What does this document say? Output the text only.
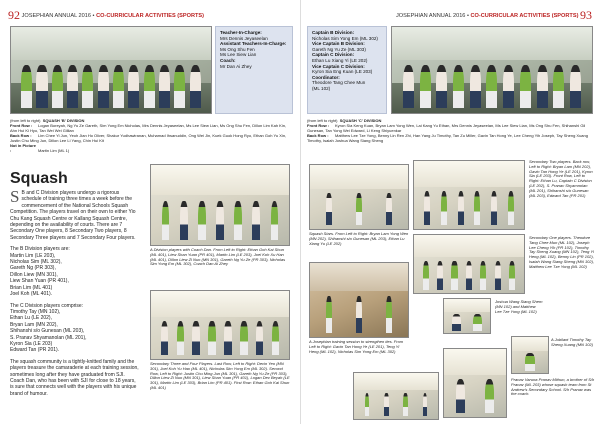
92 JOSEPHIAN ANNUAL 2016 • CO-CURRICULAR ACTIVITIES (SPORTS)
Teacher-In-Charge:
Mrs Dennis Jeyaseelan
Assistant Teachers-In-Charge:
Ms Ong Shu Fen
Ms Lee Siew Lian
Coach:
Mr Dan Ai Zhey
(from left to right) SQUASH 'B' DIVISION
Front Row : Logan Boreyah, Ng Yu Ze Gareth, Sim Yong Em Nicholas, Mrs Dennis Jeyaseelan, Ms Lee Siew Lian, Ms Ong Shu Fen, Dillon Lim Kah Kin, Ahn Hui Ki Hyo, Tan Wei Wei Gillian
Back Row : Lim Chee Yi Jun, Yeoh Jian Ho Oliver, Shakur Yudhawiranan, Muhamad Ihsanuddin, Ong Wei Jin, Kuek Guok Hong Ryo, Ethan Goh Yu Xin, Justin Chu Ming Jun, Dillon Lee Li Yang, Chin Hui Kit
Not in Picture :	Martin Lim (ML 1)
Squash

S B and C Division players undergo a rigorous schedule of training three times a week before the commencement of the National Schools Squash Competition. The players travel on their own to either Yio Chu Kang Squash Centre or Kallang Squash Centre, depending on the availability of courts. There are 7 Secondary One players, 8 Secondary Two players, 8 Secondary Three players and 7 Secondary Four players.

The B Division players are:
Martin Lim (LE 203),
Nicholas Sim (ML 302),
Gareth Ng (PR 303),
Dillon Liew (MN 301),
Liew Shan Yuan (PR 401),
Brian Lim (ML 401)
Joel Koh (ML 401).

The C Division players comprise:
Timothy Tay (MN 102),
Ethan Lu (LE 202),
Bryan Lam (MN 202),
Shihanshi s/o Gunesan (ML 203),
S. Pranav Shyamanolan (ML 201),
Kyron Sia (LE 203)
Edward Tan (PR 201).

The squash community is a tightly-knitted family and the players treasure the camaraderie at each training session, sometimes long after they have graduated from SJI. Coach Dan, who has been with SJI for close to 18 years, is sure that connects well with the players with his unique brand of humour.

A Division players with Coach Dan. From Left to Right: Ethan Goh Kai Shun (ML 401), Liew Shan Yuan (PR 401), Martin Lim (LE 203), Joel Koh Xu Han (ML 401), Dillon Liew Zi Nuo (MN 301), Gareth Ng Yu Ze (PR 303), Nicholas Sim Yong Em (ML 302), Coach Dan Ai Zhey
Secondary Three and Four Players. Last Row, Left to Right: Devin Yeo (MN 301), Joel Koh Yu Hao (ML 401), Nicholas Sim Yong Em (ML 302). Second Row, Left to Right: Justin Chu Ming Jun (ML 301), Gareth Ng Yu Ze (PR 303), Dillon Liew Zi Nuo (MN 301), Liew Shan Yuan (PR 401), Logan Dev Beyah (LE 301), Martin Lim (LE 303), Brian Lim (PR 401). First Row: Ethan Goh Kai Shun (ML 401)
JOSEPHIAN ANNUAL 2016 • CO-CURRICULAR ACTIVITIES (SPORTS) 93
Captain B Division:
Nicholas Sim Yong Em (ML 302)
Vice Captain B Division:
Gareth Ng Yu Ze (ML 303)
Captain C Division:
Ethan Lu Xiang Yi (LE 202)
Vice Captain C Division:
Kyron Sia Eng Kuan (LE 203)
Coordinator:
Theodore Tang Chee Mun
(ML 102)
(from left to right) SQUASH 'C' DIVISION
Front Row : Kyron Sia Keng Kuan, Bryan Lam Yong Wen, Lai Kang Yu Ethan, Mrs Dennis Jeyaseelan, Ms Lee Siew Lian, Ms Ong Shu Fen, Shihanshi Gil Gunesan, Tan Yong Wei Edward, Li Keng Shiyuenkar
Back Row : Matthew Lee Tze Yong, Benny Lin Ren Zhi, Han Yang Ju Timothy, Tan Zu Miller, Gavin Tan Hong Ye, Lee Cheng Yih Joseph, Tay Sheng Xuang Timothy, Isaiah Joshua Wang Siang Sheng
Squash Stars. From Left to Right: Bryan Lam Yong Wen (MN 202), Shihanshi s/o Gunesan (ML 203), Ethan Lu Xiang Yu (LE 202)
A Josephian training session to strengthen ties. From Left to Right: Gavin Tan Hong Ye (LE 201), Teng Yi Heng (ML 102), Nicholas Sim Yong Em (ML 302)
Secondary Two players. Back row, Left to Right: Bryan Lam (MN 202), Gavin Tan Hong Ye (LE 201), Kyron Sia (LE 203). Front Row, Left to Right: Ethan Lu, Captain C Division (LE 202), S. Pranav Shyamnolan (ML 201), Shihanshi s/o Gunesan (ML 203), Edward Tan (PR 201)
Secondary One players. Theodore Tang Chee Mun (ML 102), Joseph Lee Cheng Yih (PR 102), Timothy Tay Sheng Xuang (MN 102), Teng Yi Heng (ML 102), Benny Lin (PR 102), Isaiah Wang Siang Sheng (MN 102), Matthew Lee Tze Yong (ML 102)
Joshua Wang Siang Shern (MN 102) and Matthew Lee Tze Yong (ML 102)
A Jubilant Timothy Tay Sheng Xuang (MN 102)
Pranav Varuna Pranav Mithun, a brother of S/h Pranav (ML 203) whose squash team from St Andrew's Secondary School. S/h Pranav was the coach.
